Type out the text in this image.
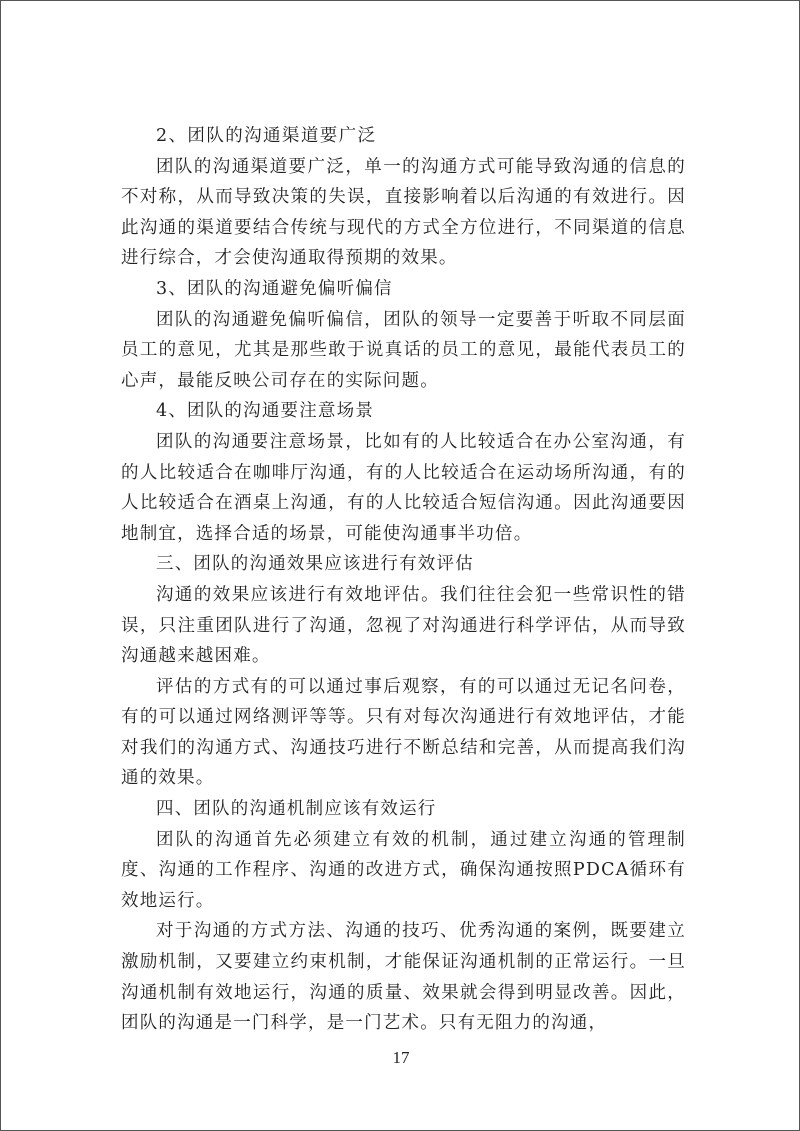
2、团队的沟通渠道要广泛

团队的沟通渠道要广泛，单一的沟通方式可能导致沟通的信息的不对称，从而导致决策的失误，直接影响着以后沟通的有效进行。因此沟通的渠道要结合传统与现代的方式全方位进行，不同渠道的信息进行综合，才会使沟通取得预期的效果。

3、团队的沟通避免偏听偏信

团队的沟通避免偏听偏信，团队的领导一定要善于听取不同层面员工的意见，尤其是那些敢于说真话的员工的意见，最能代表员工的心声，最能反映公司存在的实际问题。

4、团队的沟通要注意场景

团队的沟通要注意场景，比如有的人比较适合在办公室沟通，有的人比较适合在咖啡厅沟通，有的人比较适合在运动场所沟通，有的人比较适合在酒桌上沟通，有的人比较适合短信沟通。因此沟通要因地制宜，选择合适的场景，可能使沟通事半功倍。

三、团队的沟通效果应该进行有效评估

沟通的效果应该进行有效地评估。我们往往会犯一些常识性的错误，只注重团队进行了沟通，忽视了对沟通进行科学评估，从而导致沟通越来越困难。

评估的方式有的可以通过事后观察，有的可以通过无记名问卷，有的可以通过网络测评等等。只有对每次沟通进行有效地评估，才能对我们的沟通方式、沟通技巧进行不断总结和完善，从而提高我们沟通的效果。

四、团队的沟通机制应该有效运行

团队的沟通首先必须建立有效的机制，通过建立沟通的管理制度、沟通的工作程序、沟通的改进方式，确保沟通按照PDCA循环有效地运行。

对于沟通的方式方法、沟通的技巧、优秀沟通的案例，既要建立激励机制，又要建立约束机制，才能保证沟通机制的正常运行。一旦沟通机制有效地运行，沟通的质量、效果就会得到明显改善。因此，团队的沟通是一门科学，是一门艺术。只有无阻力的沟通，

17
